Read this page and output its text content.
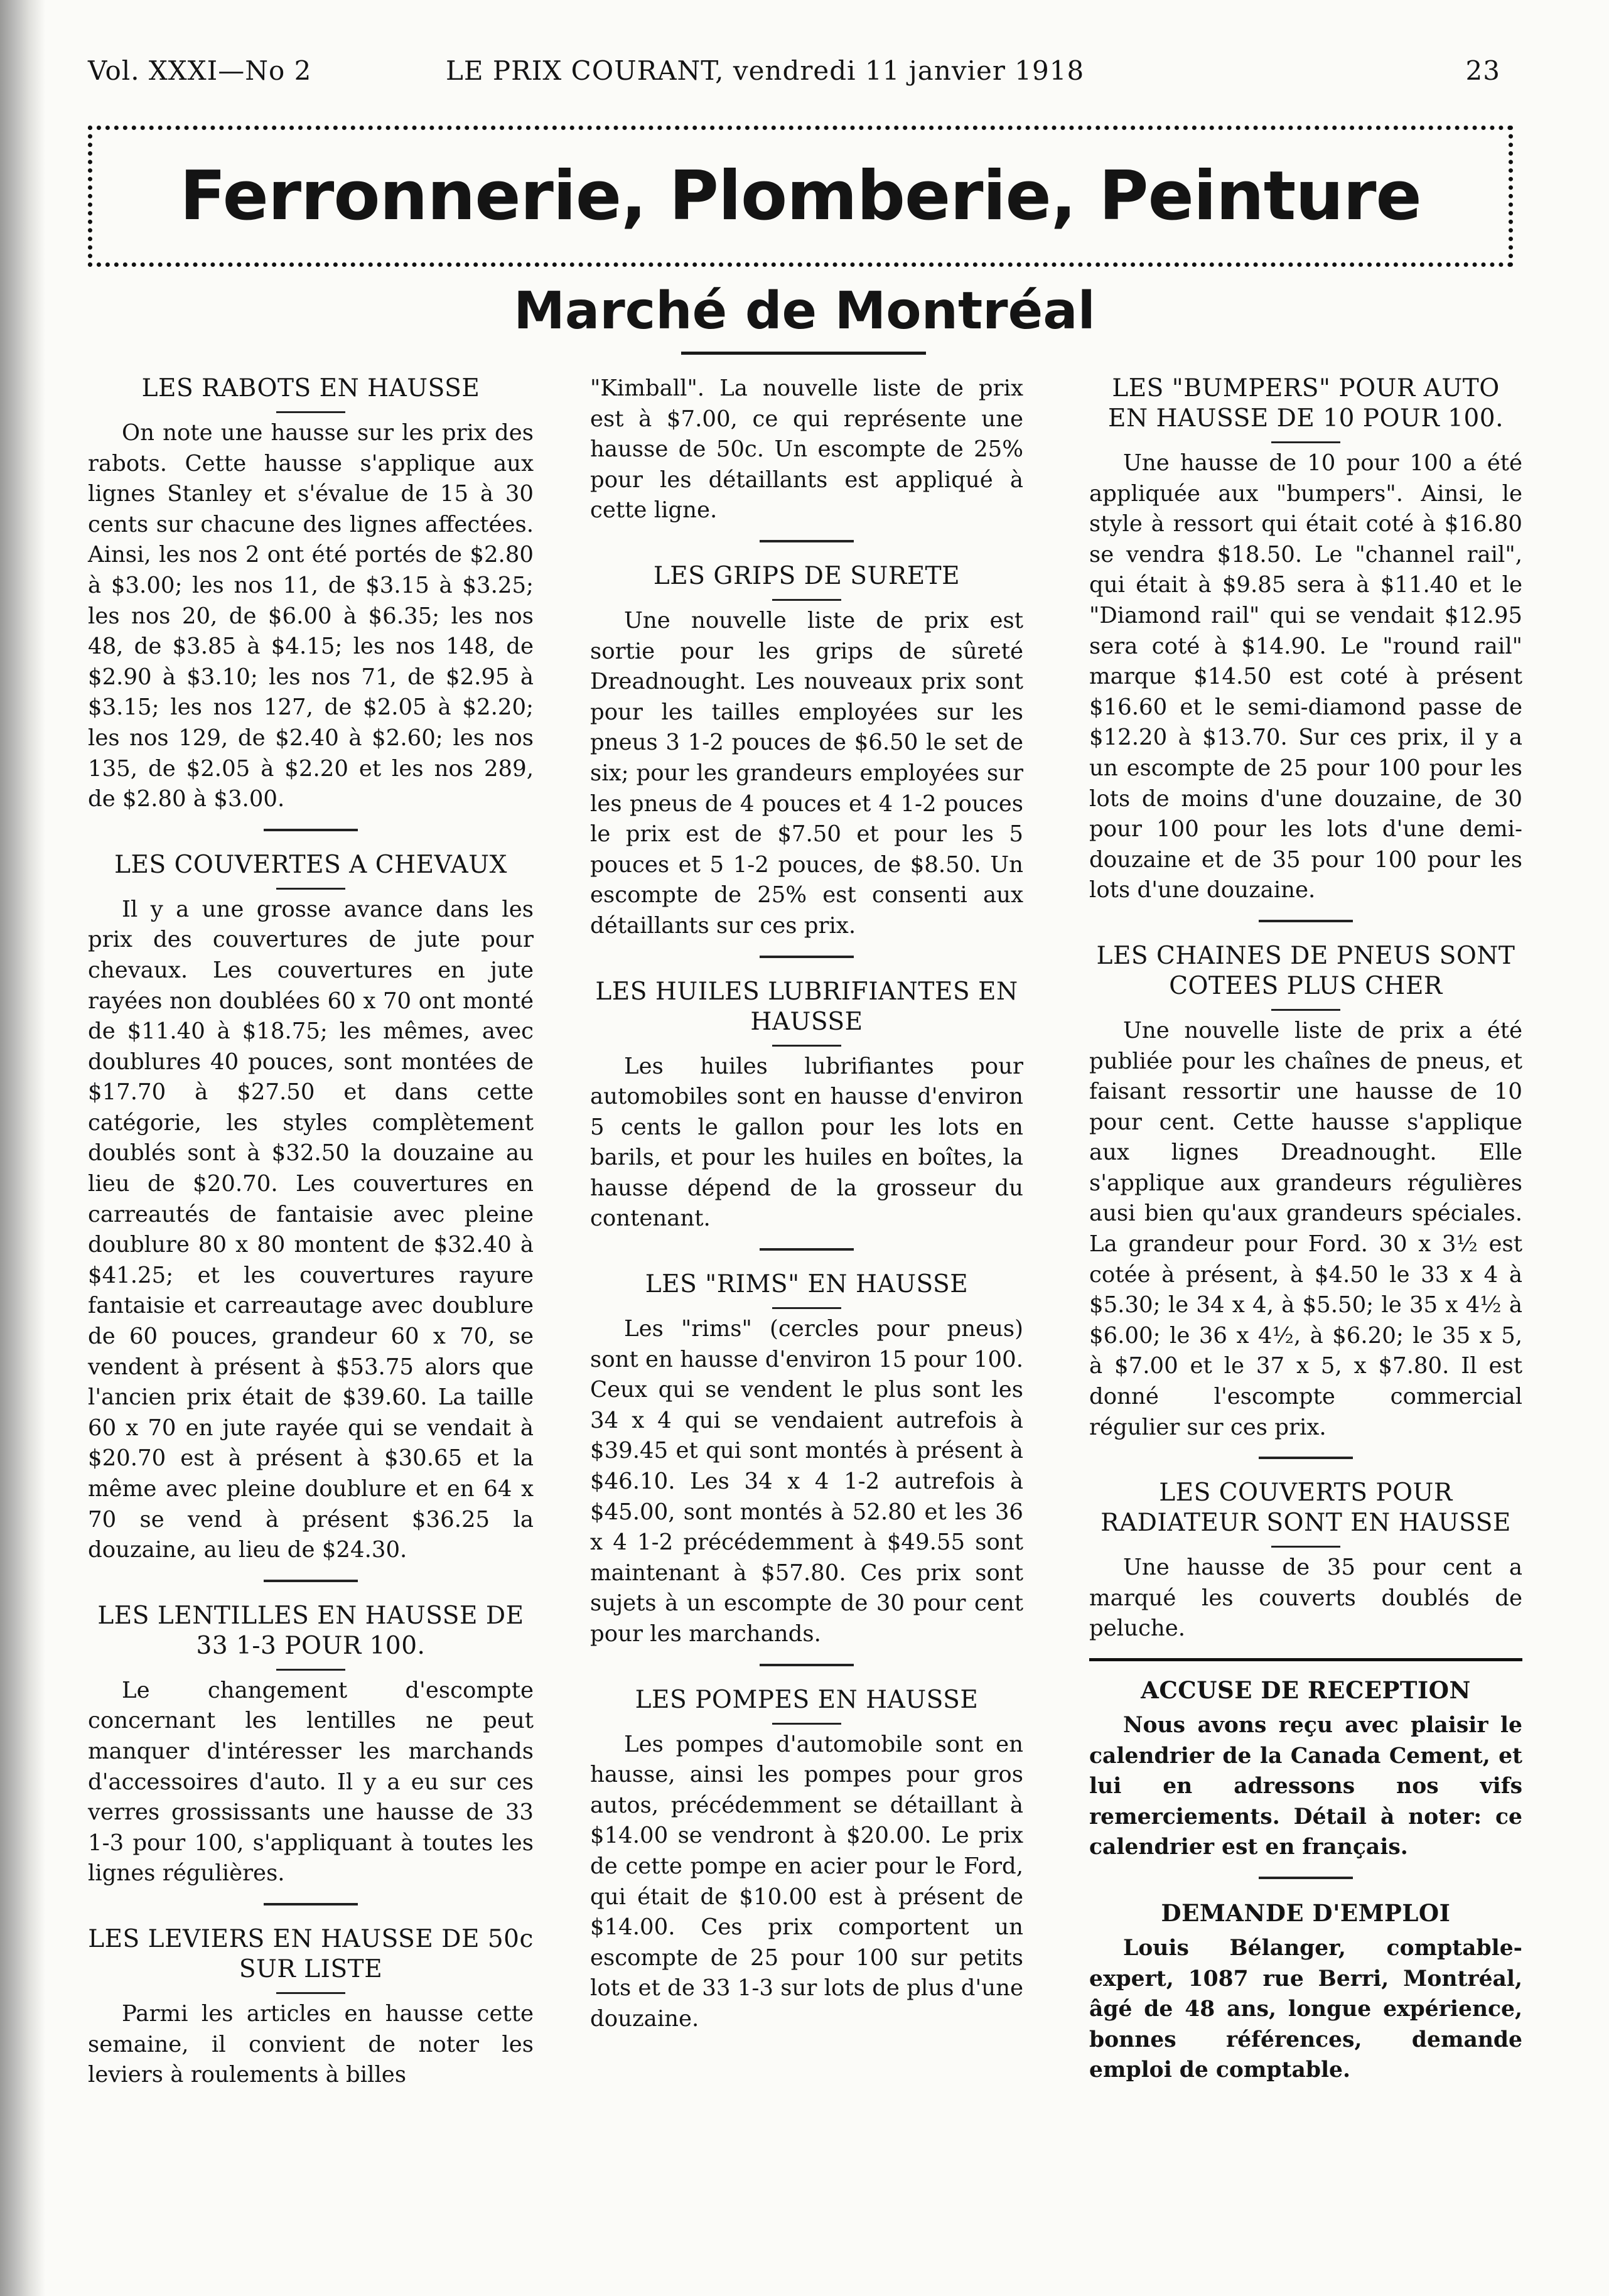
Vol. XXXI—No 2	LE PRIX COURANT, vendredi 11 janvier 1918	23
Ferronnerie, Plomberie, Peinture
Marché de Montréal
LES RABOTS EN HAUSSE

On note une hausse sur les prix des rabots. Cette hausse s'applique aux lignes Stanley et s'évalue de 15 à 30 cents sur chacune des lignes affectées. Ainsi, les nos 2 ont été portés de $2.80 à $3.00; les nos 11, de $3.15 à $3.25; les nos 20, de $6.00 à $6.35; les nos 48, de $3.85 à $4.15; les nos 148, de $2.90 à $3.10; les nos 71, de $2.95 à $3.15; les nos 127, de $2.05 à $2.20; les nos 129, de $2.40 à $2.60; les nos 135, de $2.05 à $2.20 et les nos 289, de $2.80 à $3.00.

LES COUVERTES A CHEVAUX

Il y a une grosse avance dans les prix des couvertures de jute pour chevaux. Les couvertures en jute rayées non doublées 60 x 70 ont monté de $11.40 à $18.75; les mêmes, avec doublures 40 pouces, sont montées de $17.70 à $27.50 et dans cette catégorie, les styles complètement doublés sont à $32.50 la douzaine au lieu de $20.70. Les couvertures en carreautés de fantaisie avec pleine doublure 80 x 80 montent de $32.40 à $41.25; et les couvertures rayure fantaisie et carreautage avec doublure de 60 pouces, grandeur 60 x 70, se vendent à présent à $53.75 alors que l'ancien prix était de $39.60. La taille 60 x 70 en jute rayée qui se vendait à $20.70 est à présent à $30.65 et la même avec pleine doublure et en 64 x 70 se vend à présent $36.25 la douzaine, au lieu de $24.30.

LES LENTILLES EN HAUSSE DE 33 1-3 POUR 100.

Le changement d'escompte concernant les lentilles ne peut manquer d'intéresser les marchands d'accessoires d'auto. Il y a eu sur ces verres grossissants une hausse de 33 1-3 pour 100, s'appliquant à toutes les lignes régulières.

LES LEVIERS EN HAUSSE DE 50c SUR LISTE

Parmi les articles en hausse cette semaine, il convient de noter les leviers à roulements à billes

"Kimball". La nouvelle liste de prix est à $7.00, ce qui représente une hausse de 50c. Un escompte de 25% pour les détaillants est appliqué à cette ligne.

LES GRIPS DE SURETE

Une nouvelle liste de prix est sortie pour les grips de sûreté Dreadnought. Les nouveaux prix sont pour les tailles employées sur les pneus 3 1-2 pouces de $6.50 le set de six; pour les grandeurs employées sur les pneus de 4 pouces et 4 1-2 pouces le prix est de $7.50 et pour les 5 pouces et 5 1-2 pouces, de $8.50. Un escompte de 25% est consenti aux détaillants sur ces prix.

LES HUILES LUBRIFIANTES EN HAUSSE

Les huiles lubrifiantes pour automobiles sont en hausse d'environ 5 cents le gallon pour les lots en barils, et pour les huiles en boîtes, la hausse dépend de la grosseur du contenant.

LES "RIMS" EN HAUSSE

Les "rims" (cercles pour pneus) sont en hausse d'environ 15 pour 100. Ceux qui se vendent le plus sont les 34 x 4 qui se vendaient autrefois à $39.45 et qui sont montés à présent à $46.10. Les 34 x 4 1-2 autrefois à $45.00, sont montés à 52.80 et les 36 x 4 1-2 précédemment à $49.55 sont maintenant à $57.80. Ces prix sont sujets à un escompte de 30 pour cent pour les marchands.

LES POMPES EN HAUSSE

Les pompes d'automobile sont en hausse, ainsi les pompes pour gros autos, précédemment se détaillant à $14.00 se vendront à $20.00. Le prix de cette pompe en acier pour le Ford, qui était de $10.00 est à présent de $14.00. Ces prix comportent un escompte de 25 pour 100 sur petits lots et de 33 1-3 sur lots de plus d'une douzaine.

LES "BUMPERS" POUR AUTO EN HAUSSE DE 10 POUR 100.

Une hausse de 10 pour 100 a été appliquée aux "bumpers". Ainsi, le style à ressort qui était coté à $16.80 se vendra $18.50. Le "channel rail", qui était à $9.85 sera à $11.40 et le "Diamond rail" qui se vendait $12.95 sera coté à $14.90. Le "round rail" marque $14.50 est coté à présent $16.60 et le semi-diamond passe de $12.20 à $13.70. Sur ces prix, il y a un escompte de 25 pour 100 pour les lots de moins d'une douzaine, de 30 pour 100 pour les lots d'une demi-douzaine et de 35 pour 100 pour les lots d'une douzaine.

LES CHAINES DE PNEUS SONT COTEES PLUS CHER

Une nouvelle liste de prix a été publiée pour les chaînes de pneus, et faisant ressortir une hausse de 10 pour cent. Cette hausse s'applique aux lignes Dreadnought. Elle s'applique aux grandeurs régulières ausi bien qu'aux grandeurs spéciales. La grandeur pour Ford. 30 x 3½ est cotée à présent, à $4.50 le 33 x 4 à $5.30; le 34 x 4, à $5.50; le 35 x 4½ à $6.00; le 36 x 4½, à $6.20; le 35 x 5, à $7.00 et le 37 x 5, x $7.80. Il est donné l'escompte commercial régulier sur ces prix.

LES COUVERTS POUR RADIATEUR SONT EN HAUSSE

Une hausse de 35 pour cent a marqué les couverts doublés de peluche.

ACCUSE DE RECEPTION

Nous avons reçu avec plaisir le calendrier de la Canada Cement, et lui en adressons nos vifs remerciements. Détail à noter: ce calendrier est en français.

DEMANDE D'EMPLOI

Louis Bélanger, comptable-expert, 1087 rue Berri, Montréal, âgé de 48 ans, longue expérience, bonnes références, demande emploi de comptable.
